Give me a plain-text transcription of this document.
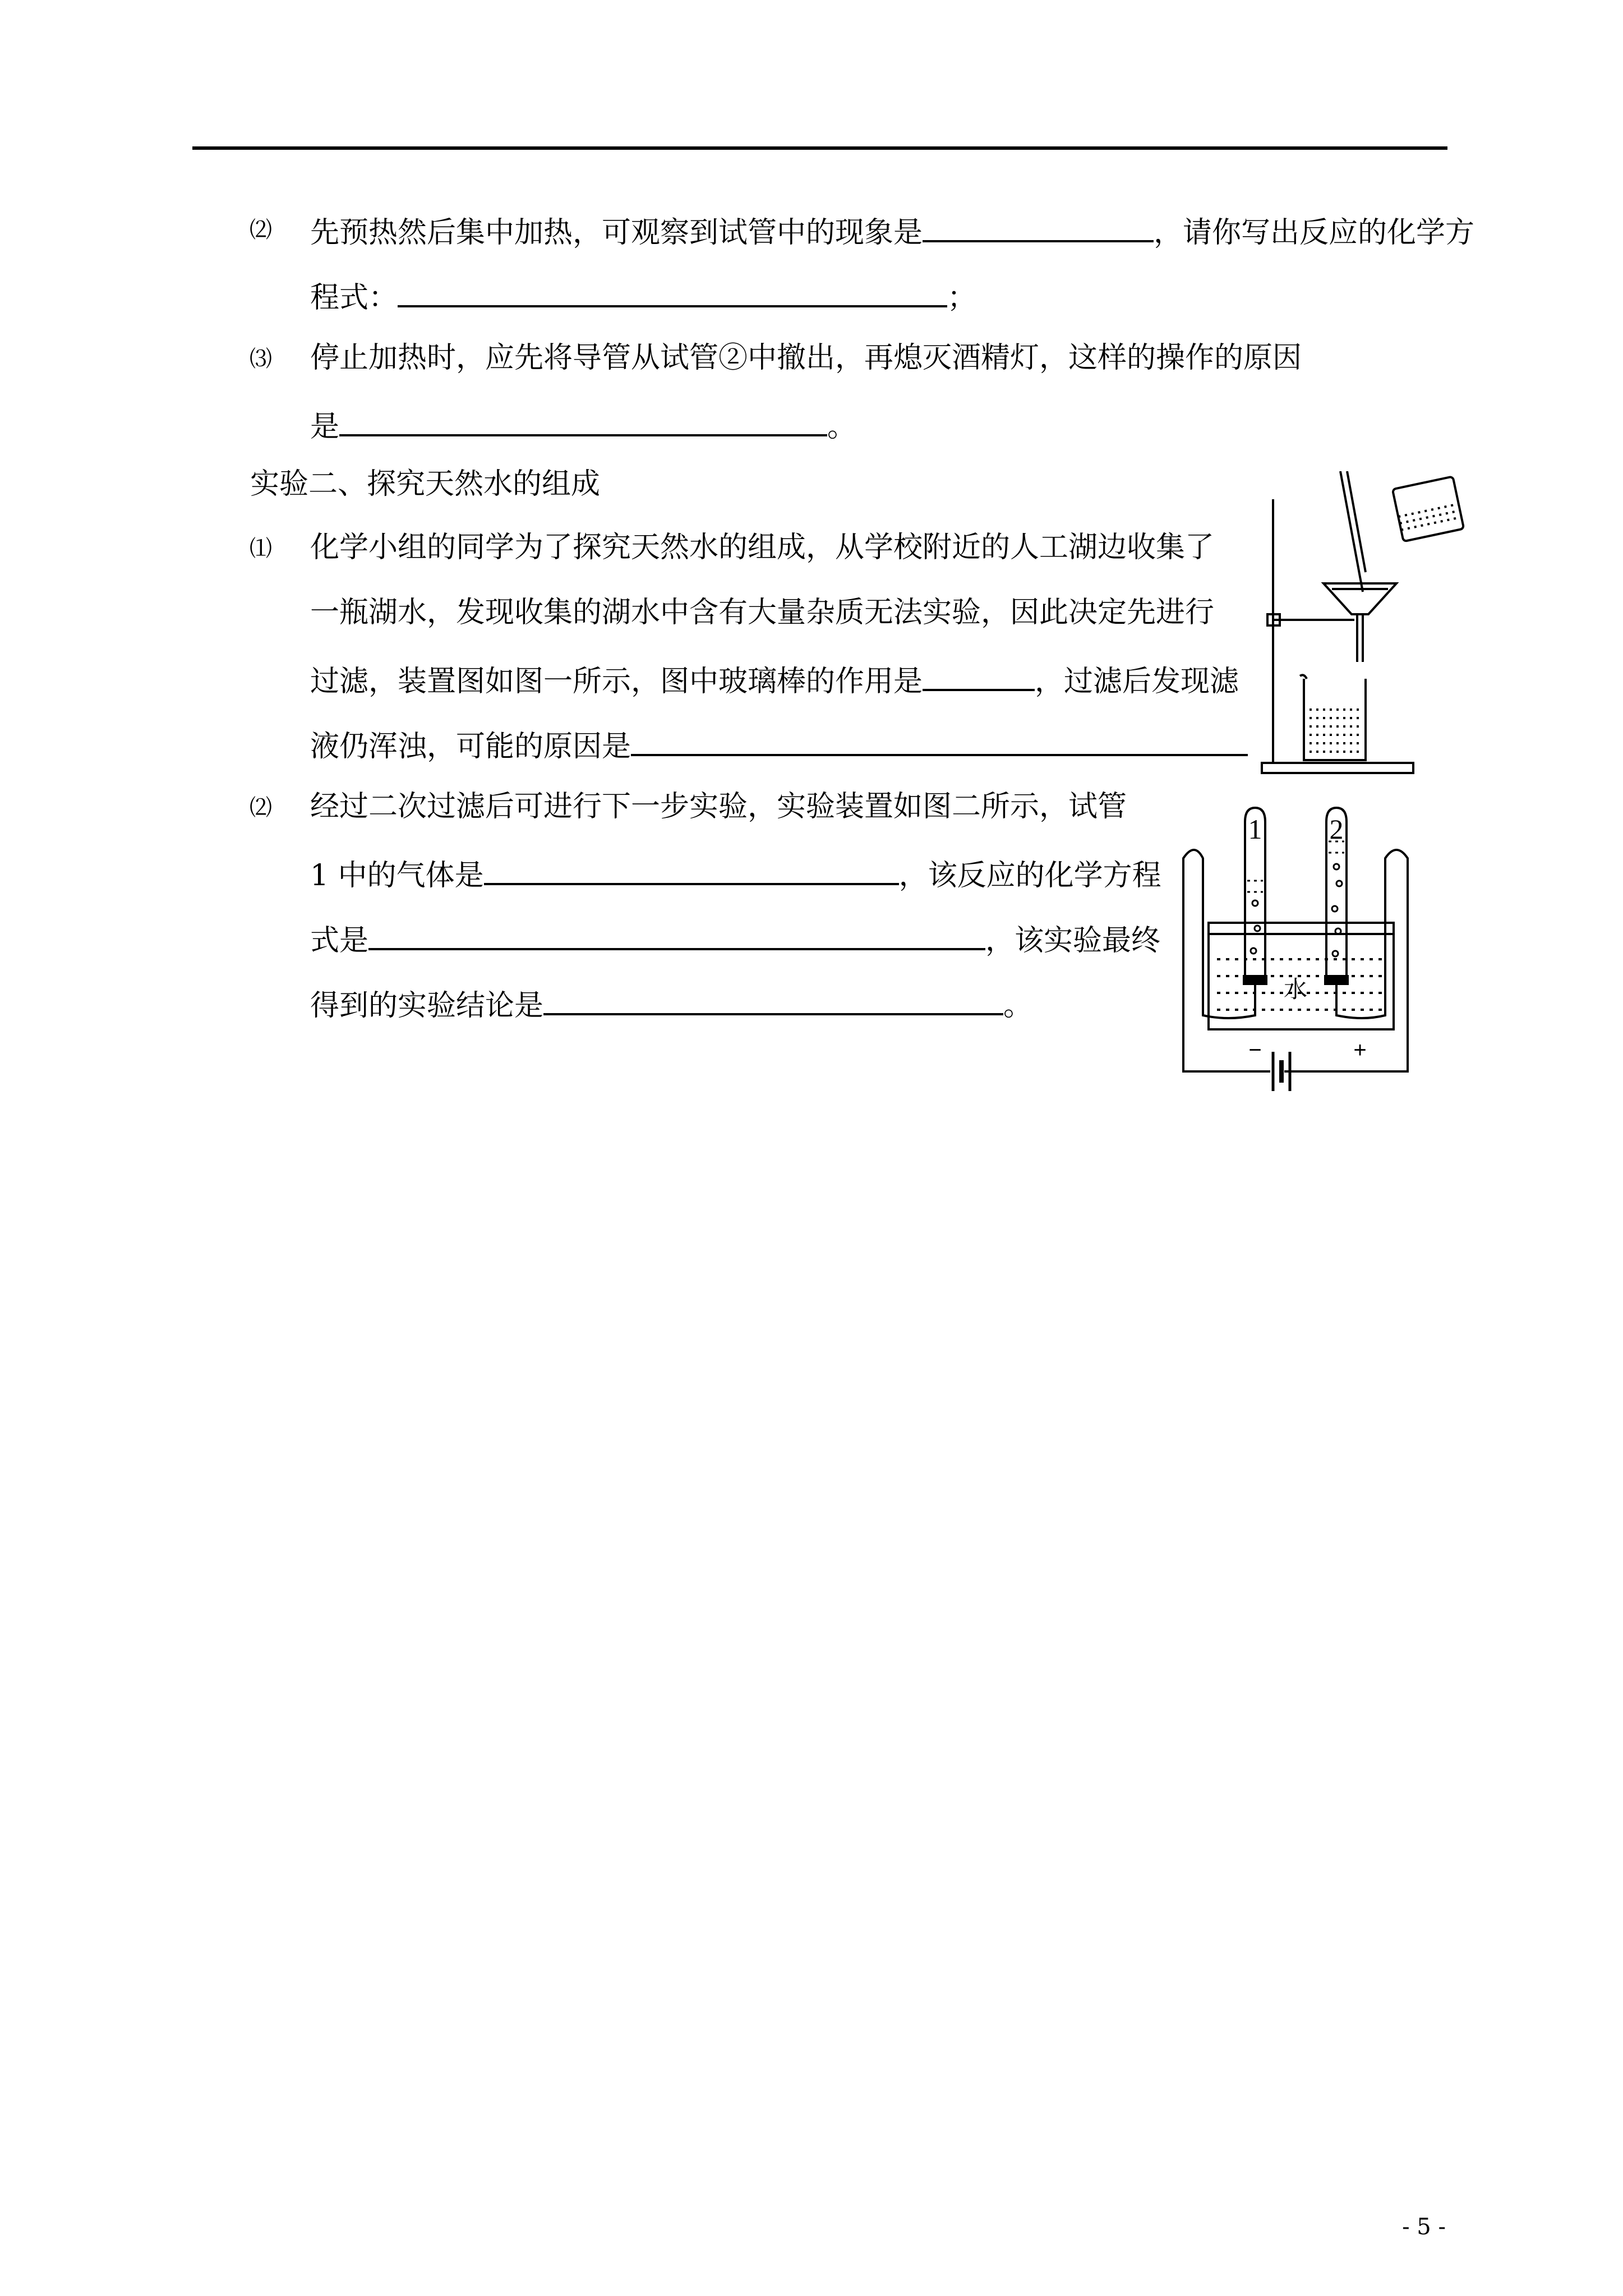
⑵ 先预热然后集中加热，可观察到试管中的现象是	，请你写出反应的化学方
程式：	；
⑶ 停止加热时，应先将导管从试管②中撤出，再熄灭酒精灯，这样的操作的原因
是	。
实验二、探究天然水的组成
⑴ 化学小组的同学为了探究天然水的组成，从学校附近的人工湖边收集了
一瓶湖水，发现收集的湖水中含有大量杂质无法实验，因此决定先进行
过滤，装置图如图一所示，图中玻璃棒的作用是	，过滤后发现滤
液仍浑浊，可能的原因是
⑵ 经过二次过滤后可进行下一步实验，实验装置如图二所示，试管
1 中的气体是	，该反应的化学方程
式是	，该实验最终
得到的实验结论是	。
1 2
水
−	+
- 5 -
